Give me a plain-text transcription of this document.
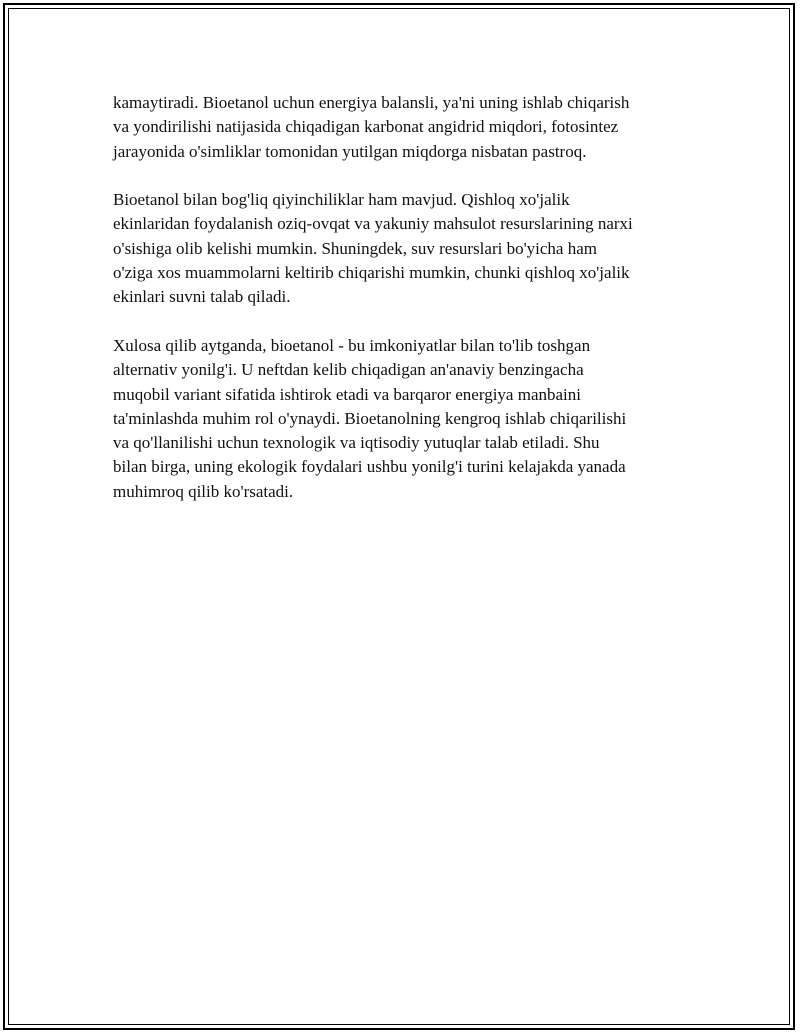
kamaytiradi. Bioetanol uchun energiya balansli, ya'ni uning ishlab chiqarish
va yondirilishi natijasida chiqadigan karbonat angidrid miqdori, fotosintez
jarayonida o'simliklar tomonidan yutilgan miqdorga nisbatan pastroq.

Bioetanol bilan bog'liq qiyinchiliklar ham mavjud. Qishloq xo'jalik
ekinlaridan foydalanish oziq-ovqat va yakuniy mahsulot resurslarining narxi
o'sishiga olib kelishi mumkin. Shuningdek, suv resurslari bo'yicha ham
o'ziga xos muammolarni keltirib chiqarishi mumkin, chunki qishloq xo'jalik
ekinlari suvni talab qiladi.

Xulosa qilib aytganda, bioetanol - bu imkoniyatlar bilan to'lib toshgan
alternativ yonilg'i. U neftdan kelib chiqadigan an'anaviy benzingacha
muqobil variant sifatida ishtirok etadi va barqaror energiya manbaini
ta'minlashda muhim rol o'ynaydi. Bioetanolning kengroq ishlab chiqarilishi
va qo'llanilishi uchun texnologik va iqtisodiy yutuqlar talab etiladi. Shu
bilan birga, uning ekologik foydalari ushbu yonilg'i turini kelajakda yanada
muhimroq qilib ko'rsatadi.
